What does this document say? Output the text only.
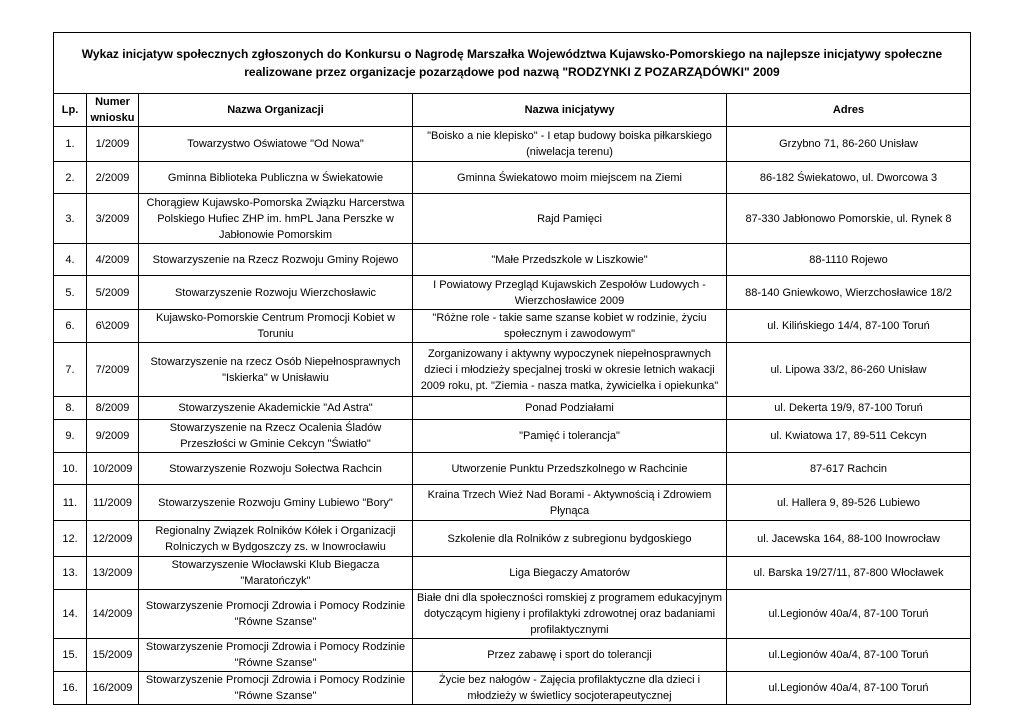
Wykaz inicjatyw społecznych zgłoszonych do Konkursu o Nagrodę Marszałka Województwa Kujawsko-Pomorskiego na najlepsze inicjatywy społeczne realizowane przez organizacje pozarządowe pod nazwą "RODZYNKI Z POZARZĄDÓWKI" 2009				
Lp.	Numer wniosku	Nazwa Organizacji	Nazwa inicjatywy	Adres
1.	1/2009	Towarzystwo Oświatowe "Od Nowa"	"Boisko a nie klepisko" - I etap budowy boiska piłkarskiego (niwelacja terenu)	Grzybno 71, 86-260 Unisław
2.	2/2009	Gminna Biblioteka Publiczna w Świekatowie	Gminna Świekatowo moim miejscem na Ziemi	86-182 Świekatowo, ul. Dworcowa 3
3.	3/2009	Chorągiew Kujawsko-Pomorska Związku Harcerstwa Polskiego Hufiec ZHP im. hmPL Jana Perszke w Jabłonowie Pomorskim	Rajd Pamięci	87-330 Jabłonowo Pomorskie, ul. Rynek 8
4.	4/2009	Stowarzyszenie na Rzecz Rozwoju Gminy Rojewo	"Małe Przedszkole w Liszkowie"	88-1110 Rojewo
5.	5/2009	Stowarzyszenie Rozwoju Wierzchosławic	I Powiatowy Przegląd Kujawskich Zespołów Ludowych - Wierzchosławice 2009	88-140 Gniewkowo, Wierzchosławice 18/2
6.	6\2009	Kujawsko-Pomorskie Centrum Promocji Kobiet w Toruniu	"Różne role - takie same szanse kobiet w rodzinie, życiu społecznym i zawodowym"	ul. Kilińskiego 14/4, 87-100 Toruń
7.	7/2009	Stowarzyszenie na rzecz Osób Niepełnosprawnych "Iskierka" w Unisławiu	Zorganizowany i aktywny wypoczynek niepełnosprawnych dzieci i młodzieży specjalnej troski w okresie letnich wakacji 2009 roku, pt. "Ziemia - nasza matka, żywicielka i opiekunka"	ul. Lipowa 33/2, 86-260 Unisław
8.	8/2009	Stowarzyszenie Akademickie "Ad Astra"	Ponad Podziałami	ul. Dekerta 19/9, 87-100 Toruń
9.	9/2009	Stowarzyszenie na Rzecz Ocalenia Śladów Przeszłości w Gminie Cekcyn "Światło"	"Pamięć i tolerancja"	ul. Kwiatowa 17, 89-511 Cekcyn
10.	10/2009	Stowarzyszenie Rozwoju Sołectwa Rachcin	Utworzenie Punktu Przedszkolnego w Rachcinie	87-617 Rachcin
11.	11/2009	Stowarzyszenie Rozwoju Gminy Lubiewo "Bory"	Kraina Trzech Wież Nad Borami - Aktywnością i Zdrowiem Płynąca	ul. Hallera 9, 89-526 Lubiewo
12.	12/2009	Regionalny Związek Rolników Kółek i Organizacji Rolniczych w Bydgoszczy zs. w Inowrocławiu	Szkolenie dla Rolników z subregionu bydgoskiego	ul. Jacewska 164, 88-100 Inowrocław
13.	13/2009	Stowarzyszenie Włocławski Klub Biegacza "Maratończyk"	Liga Biegaczy Amatorów	ul. Barska 19/27/11, 87-800 Włocławek
14.	14/2009	Stowarzyszenie Promocji Zdrowia i Pomocy Rodzinie "Równe Szanse"	Białe dni dla społeczności romskiej z programem edukacyjnym dotyczącym higieny i profilaktyki zdrowotnej oraz badaniami profilaktycznymi	ul.Legionów 40a/4, 87-100 Toruń
15.	15/2009	Stowarzyszenie Promocji Zdrowia i Pomocy Rodzinie "Równe Szanse"	Przez zabawę i sport do tolerancji	ul.Legionów 40a/4, 87-100 Toruń
16.	16/2009	Stowarzyszenie Promocji Zdrowia i Pomocy Rodzinie "Równe Szanse"	Życie bez nałogów - Zajęcia profilaktyczne dla dzieci i młodzieży w świetlicy socjoterapeutycznej	ul.Legionów 40a/4, 87-100 Toruń
